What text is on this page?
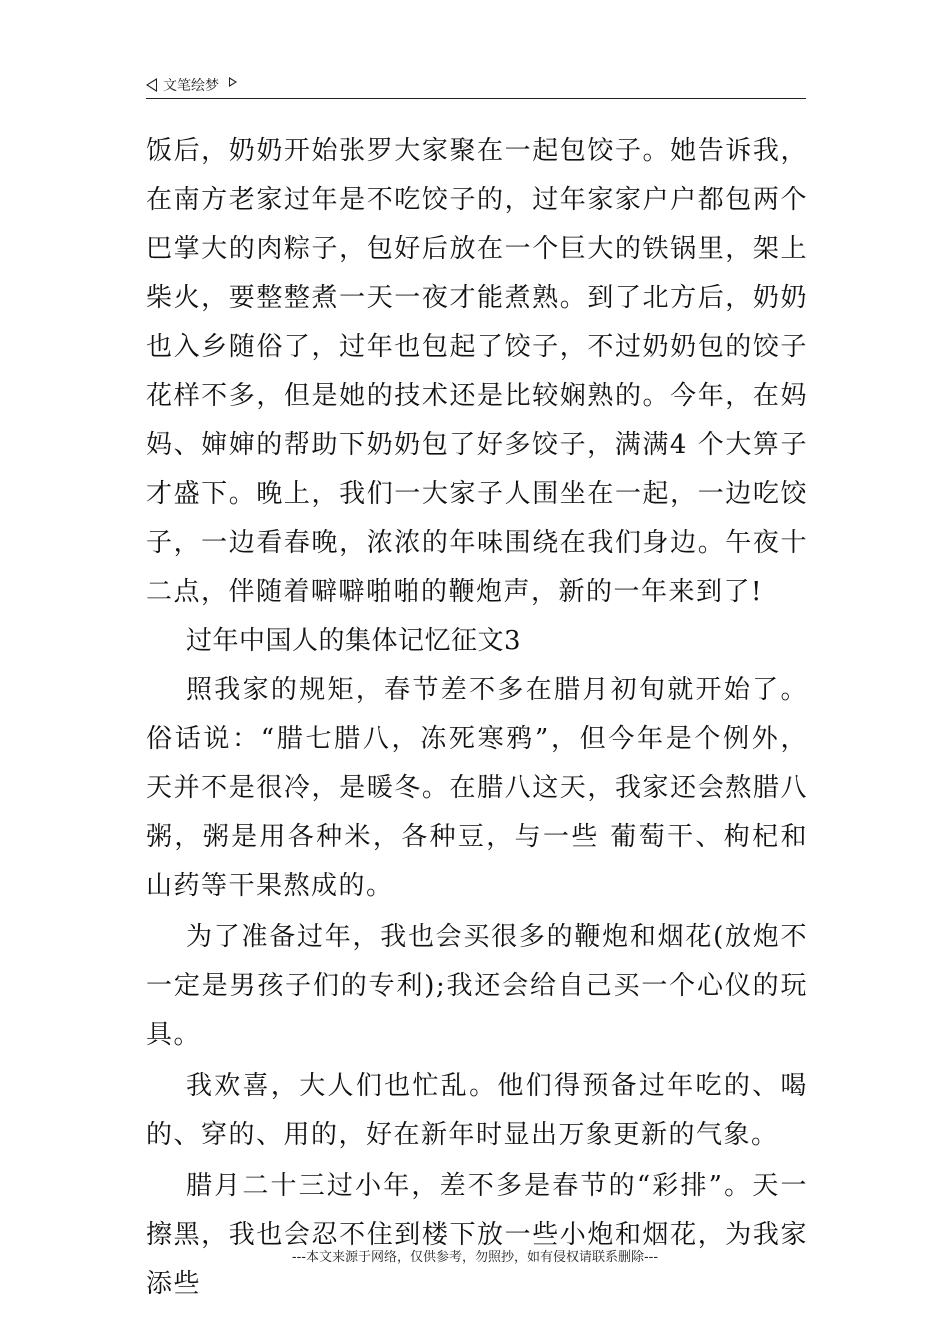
文笔绘梦

饭后，奶奶开始张罗大家聚在一起包饺子。她告诉我，在南方老家过年是不吃饺子的，过年家家户户都包两个巴掌大的肉粽子，包好后放在一个巨大的铁锅里，架上柴火，要整整煮一天一夜才能煮熟。到了北方后，奶奶也入乡随俗了，过年也包起了饺子，不过奶奶包的饺子花样不多，但是她的技术还是比较娴熟的。今年，在妈妈、婶婶的帮助下奶奶包了好多饺子，满满4 个大箅子才盛下。晚上，我们一大家子人围坐在一起，一边吃饺子，一边看春晚，浓浓的年味围绕在我们身边。午夜十二点，伴随着噼噼啪啪的鞭炮声，新的一年来到了!

过年中国人的集体记忆征文3

照我家的规矩，春节差不多在腊月初旬就开始了。俗话说：“腊七腊八，冻死寒鸦”，但今年是个例外，天并不是很冷，是暖冬。在腊八这天，我家还会熬腊八粥，粥是用各种米，各种豆，与一些 葡萄干、枸杞和山药等干果熬成的。

为了准备过年，我也会买很多的鞭炮和烟花(放炮不一定是男孩子们的专利);我还会给自己买一个心仪的玩具。

我欢喜，大人们也忙乱。他们得预备过年吃的、喝的、穿的、用的，好在新年时显出万象更新的气象。

腊月二十三过小年，差不多是春节的“彩排”。天一擦黑，我也会忍不住到楼下放一些小炮和烟花，为我家添些

---本文来源于网络，仅供参考，勿照抄，如有侵权请联系删除---
